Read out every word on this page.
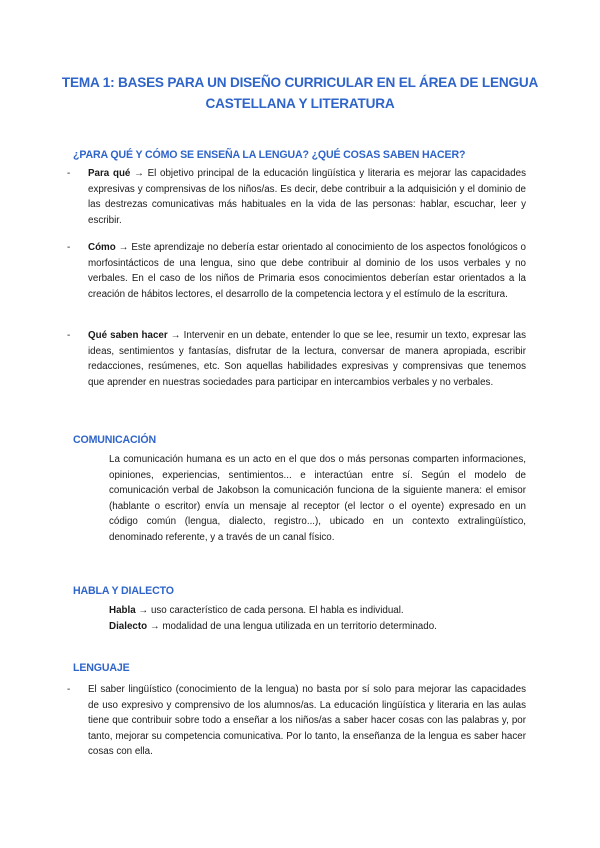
TEMA 1: BASES PARA UN DISEÑO CURRICULAR EN EL ÁREA DE LENGUA CASTELLANA Y LITERATURA
¿PARA QUÉ Y CÓMO SE ENSEÑA LA LENGUA? ¿QUÉ COSAS SABEN HACER?
- Para qué → El objetivo principal de la educación lingüística y literaria es mejorar las capacidades expresivas y comprensivas de los niños/as. Es decir, debe contribuir a la adquisición y el dominio de las destrezas comunicativas más habituales en la vida de las personas: hablar, escuchar, leer y escribir.
- Cómo → Este aprendizaje no debería estar orientado al conocimiento de los aspectos fonológicos o morfosintácticos de una lengua, sino que debe contribuir al dominio de los usos verbales y no verbales. En el caso de los niños de Primaria esos conocimientos deberían estar orientados a la creación de hábitos lectores, el desarrollo de la competencia lectora y el estímulo de la escritura.
- Qué saben hacer → Intervenir en un debate, entender lo que se lee, resumir un texto, expresar las ideas, sentimientos y fantasías, disfrutar de la lectura, conversar de manera apropiada, escribir redacciones, resúmenes, etc. Son aquellas habilidades expresivas y comprensivas que tenemos que aprender en nuestras sociedades para participar en intercambios verbales y no verbales.
COMUNICACIÓN
La comunicación humana es un acto en el que dos o más personas comparten informaciones, opiniones, experiencias, sentimientos... e interactúan entre sí. Según el modelo de comunicación verbal de Jakobson la comunicación funciona de la siguiente manera: el emisor (hablante o escritor) envía un mensaje al receptor (el lector o el oyente) expresado en un código común (lengua, dialecto, registro...), ubicado en un contexto extralingüístico, denominado referente, y a través de un canal físico.
HABLA Y DIALECTO
Habla → uso característico de cada persona. El habla es individual.
Dialecto → modalidad de una lengua utilizada en un territorio determinado.
LENGUAJE
- El saber lingüístico (conocimiento de la lengua) no basta por sí solo para mejorar las capacidades de uso expresivo y comprensivo de los alumnos/as. La educación lingüística y literaria en las aulas tiene que contribuir sobre todo a enseñar a los niños/as a saber hacer cosas con las palabras y, por tanto, mejorar su competencia comunicativa. Por lo tanto, la enseñanza de la lengua es saber hacer cosas con ella.
